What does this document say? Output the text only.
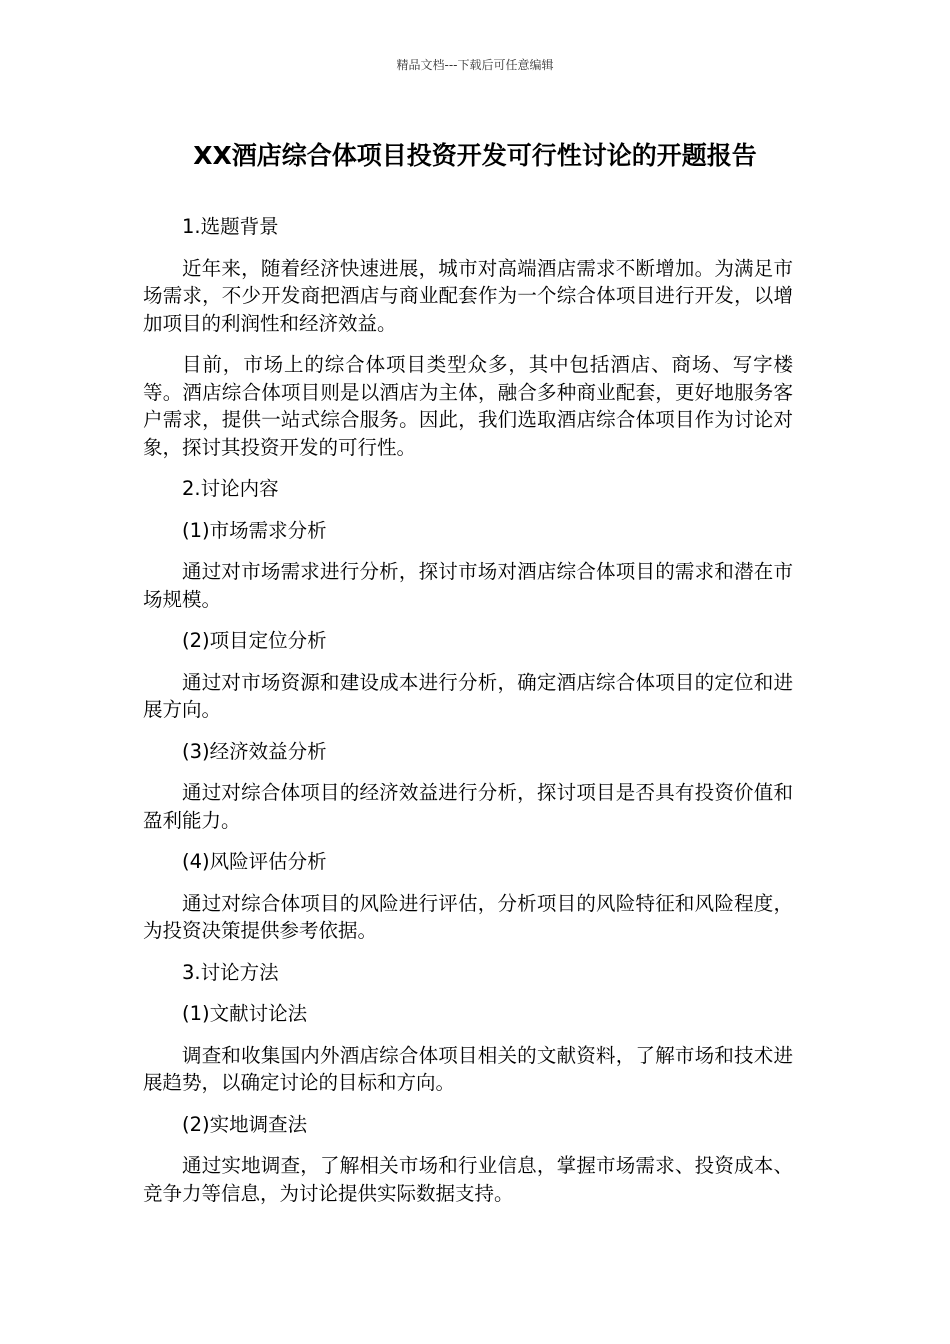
精品文档---下载后可任意编辑
XX酒店综合体项目投资开发可行性讨论的开题报告

1.选题背景

近年来，随着经济快速进展，城市对高端酒店需求不断增加。为满足市场需求，不少开发商把酒店与商业配套作为一个综合体项目进行开发，以增加项目的利润性和经济效益。

目前，市场上的综合体项目类型众多，其中包括酒店、商场、写字楼等。酒店综合体项目则是以酒店为主体，融合多种商业配套，更好地服务客户需求，提供一站式综合服务。因此，我们选取酒店综合体项目作为讨论对象，探讨其投资开发的可行性。

2.讨论内容

(1)市场需求分析

通过对市场需求进行分析，探讨市场对酒店综合体项目的需求和潜在市场规模。

(2)项目定位分析

通过对市场资源和建设成本进行分析，确定酒店综合体项目的定位和进展方向。

(3)经济效益分析

通过对综合体项目的经济效益进行分析，探讨项目是否具有投资价值和盈利能力。

(4)风险评估分析

通过对综合体项目的风险进行评估，分析项目的风险特征和风险程度，为投资决策提供参考依据。

3.讨论方法

(1)文献讨论法

调查和收集国内外酒店综合体项目相关的文献资料，了解市场和技术进展趋势，以确定讨论的目标和方向。

(2)实地调查法

通过实地调查，了解相关市场和行业信息，掌握市场需求、投资成本、竞争力等信息，为讨论提供实际数据支持。
